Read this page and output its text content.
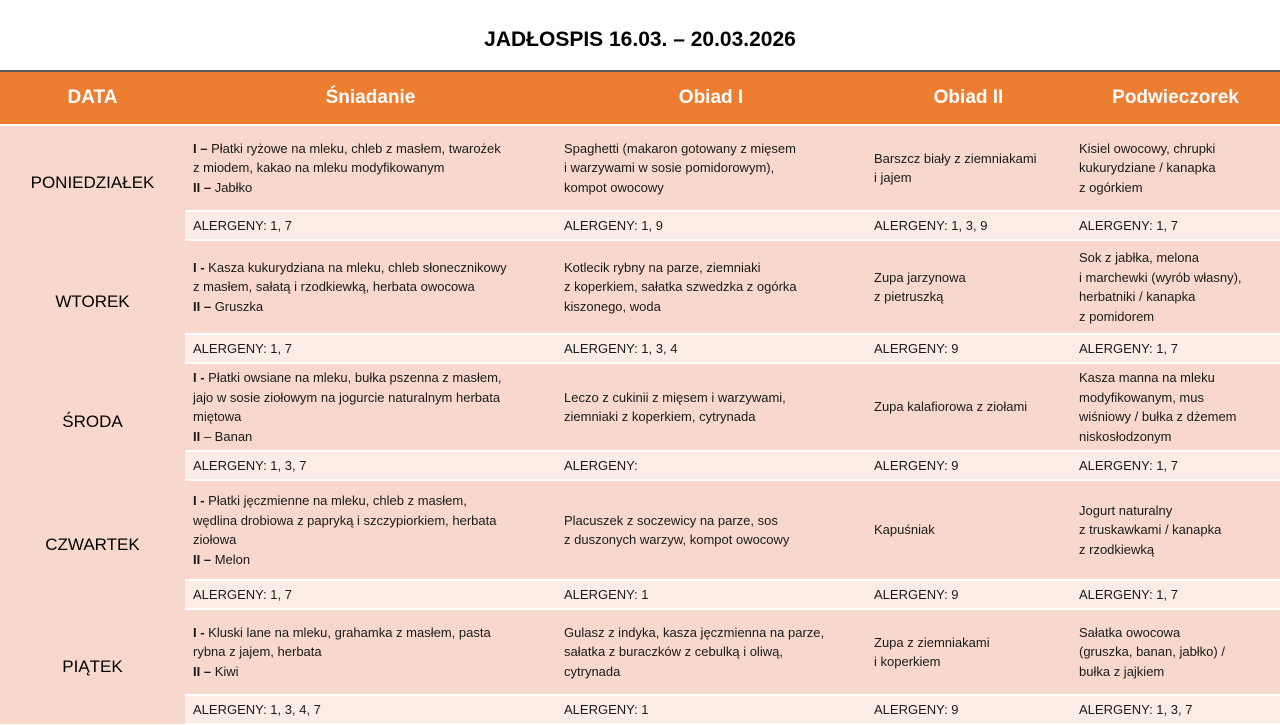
JADŁOSPIS 16.03. – 20.03.2026
DATA	Śniadanie	Obiad I	Obiad II	Podwieczorek
PONIEDZIAŁEK	I – Płatki ryżowe na mleku, chleb z masłem, twarożek
z miodem, kakao na mleku modyfikowanym
II – Jabłko	Spaghetti (makaron gotowany z mięsem
i warzywami w sosie pomidorowym),
kompot owocowy	Barszcz biały z ziemniakami
i jajem	Kisiel owocowy, chrupki
kukurydziane / kanapka
z ogórkiem
	ALERGENY: 1, 7	ALERGENY: 1, 9	ALERGENY: 1, 3, 9	ALERGENY: 1, 7
WTOREK	I - Kasza kukurydziana na mleku, chleb słonecznikowy
z masłem, sałatą i rzodkiewką, herbata owocowa
II – Gruszka	Kotlecik rybny na parze, ziemniaki
z koperkiem, sałatka szwedzka z ogórka
kiszonego, woda	Zupa jarzynowa
z pietruszką	Sok z jabłka, melona
i marchewki (wyrób własny),
herbatniki / kanapka
z pomidorem
	ALERGENY: 1, 7	ALERGENY: 1, 3, 4	ALERGENY: 9	ALERGENY: 1, 7
ŚRODA	I - Płatki owsiane na mleku, bułka pszenna z masłem,
jajo w sosie ziołowym na jogurcie naturalnym herbata
miętowa
II – Banan	Leczo z cukinii z mięsem i warzywami,
ziemniaki z koperkiem, cytrynada	Zupa kalafiorowa z ziołami	Kasza manna na mleku
modyfikowanym, mus
wiśniowy / bułka z dżemem
niskosłodzonym
	ALERGENY: 1, 3, 7	ALERGENY:	ALERGENY: 9	ALERGENY: 1, 7
CZWARTEK	I - Płatki jęczmienne na mleku, chleb z masłem,
wędlina drobiowa z papryką i szczypiorkiem, herbata
ziołowa
II – Melon	Placuszek z soczewicy na parze, sos
z duszonych warzyw, kompot owocowy	Kapuśniak	Jogurt naturalny
z truskawkami / kanapka
z rzodkiewką
	ALERGENY: 1, 7	ALERGENY: 1	ALERGENY: 9	ALERGENY: 1, 7
PIĄTEK	I - Kluski lane na mleku, grahamka z masłem, pasta
rybna z jajem, herbata
II – Kiwi	Gulasz z indyka, kasza jęczmienna na parze,
sałatka z buraczków z cebulką i oliwą,
cytrynada	Zupa z ziemniakami
i koperkiem	Sałatka owocowa
(gruszka, banan, jabłko) /
bułka z jajkiem
	ALERGENY: 1, 3, 4, 7	ALERGENY: 1	ALERGENY: 9	ALERGENY: 1, 3, 7
